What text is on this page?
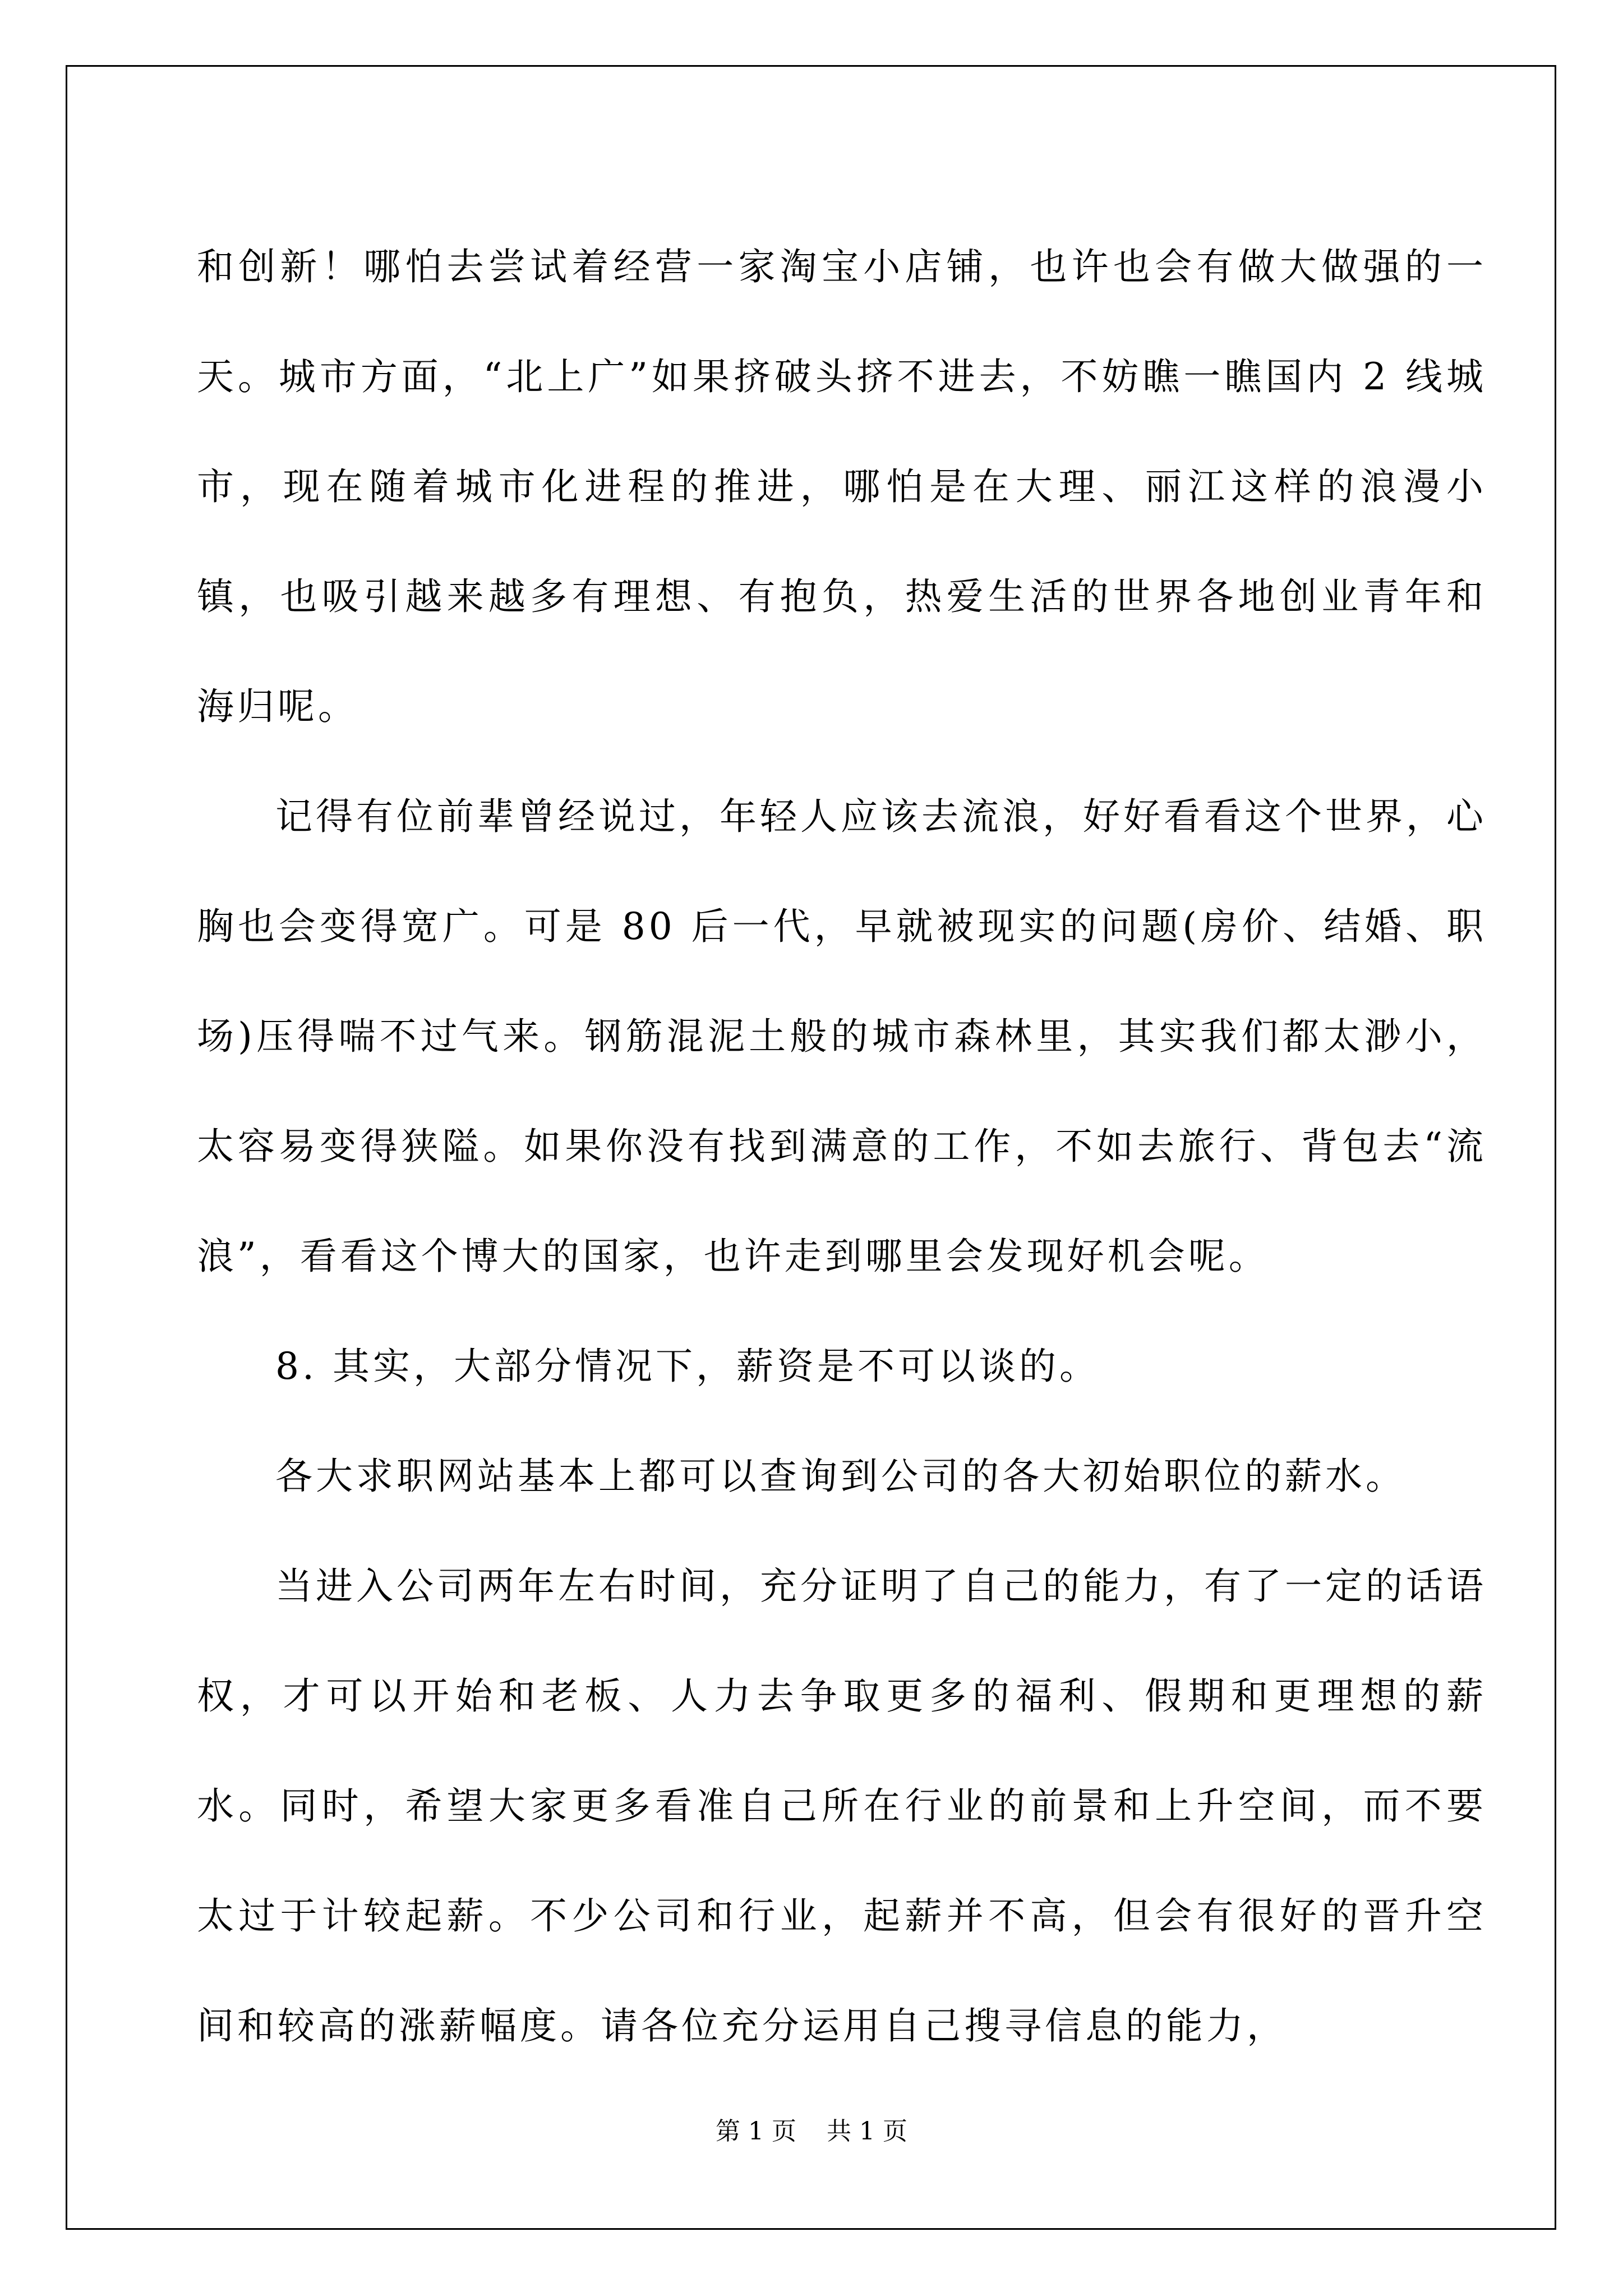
和创新！哪怕去尝试着经营一家淘宝小店铺，也许也会有做大做强的一天。城市方面，“北上广”如果挤破头挤不进去，不妨瞧一瞧国内 2 线城市，现在随着城市化进程的推进，哪怕是在大理、丽江这样的浪漫小镇，也吸引越来越多有理想、有抱负，热爱生活的世界各地创业青年和海归呢。

记得有位前辈曾经说过，年轻人应该去流浪，好好看看这个世界，心胸也会变得宽广。可是 80 后一代，早就被现实的问题(房价、结婚、职场)压得喘不过气来。钢筋混泥土般的城市森林里，其实我们都太渺小，太容易变得狭隘。如果你没有找到满意的工作，不如去旅行、背包去“流浪”，看看这个博大的国家，也许走到哪里会发现好机会呢。

8. 其实，大部分情况下，薪资是不可以谈的。

各大求职网站基本上都可以查询到公司的各大初始职位的薪水。

当进入公司两年左右时间，充分证明了自己的能力，有了一定的话语权，才可以开始和老板、人力去争取更多的福利、假期和更理想的薪水。同时，希望大家更多看准自己所在行业的前景和上升空间，而不要太过于计较起薪。不少公司和行业，起薪并不高，但会有很好的晋升空间和较高的涨薪幅度。请各位充分运用自己搜寻信息的能力，

第 1 页 共 1 页
